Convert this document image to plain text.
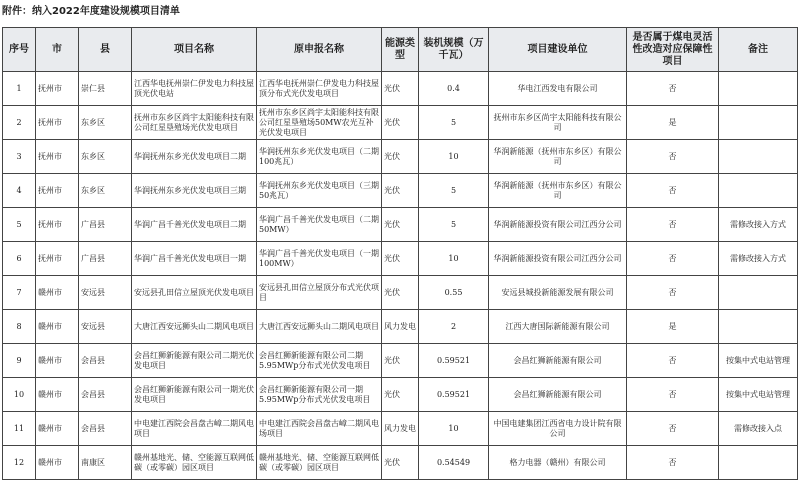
附件：纳入2022年度建设规模项目清单
序号	市	县	项目名称	原申报名称	能源类型	装机规模（万千瓦）	项目建设单位	是否属于煤电灵活性改造对应保障性项目	备注
1	抚州市	崇仁县	江西华电抚州崇仁伊发电力科技屋顶光伏电站	江西华电抚州崇仁伊发电力科技屋顶分布式光伏发电项目	光伏	0.4	华电江西发电有限公司	否	
2	抚州市	东乡区	抚州市东乡区尚宇太阳能科技有限公司红星垦殖场光伏发电项目	抚州市东乡区尚宇太阳能科技有限公司红星垦殖场50MW农光互补光伏发电项目	光伏	5	抚州市东乡区尚宇太阳能科技有限公司	是	
3	抚州市	东乡区	华润抚州东乡光伏发电项目二期	华润抚州东乡光伏发电项目（二期100兆瓦）	光伏	10	华润新能源（抚州市东乡区）有限公司	否	
4	抚州市	东乡区	华润抚州东乡光伏发电项目三期	华润抚州东乡光伏发电项目（三期50兆瓦）	光伏	5	华润新能源（抚州市东乡区）有限公司	否	
5	抚州市	广昌县	华润广昌千善光伏发电项目二期	华润广昌千善光伏发电项目（二期 50MW）	光伏	5	华润新能源投资有限公司江西分公司	否	需修改接入方式
6	抚州市	广昌县	华润广昌千善光伏发电项目一期	华润广昌千善光伏发电项目（一期 100MW）	光伏	10	华润新能源投资有限公司江西分公司	否	需修改接入方式
7	赣州市	安远县	安远县孔田信立屋顶光伏发电项目	安远县孔田信立屋顶分布式光伏项目	光伏	0.55	安远县城投新能源发展有限公司	否	
8	赣州市	安远县	大唐江西安远狮头山二期风电项目	大唐江西安远狮头山二期风电项目	风力发电	2	江西大唐国际新能源有限公司	是	
9	赣州市	会昌县	会昌红狮新能源有限公司二期光伏发电项目	会昌红狮新能源有限公司二期5.95MWp分布式光伏发电项目	光伏	0.59521	会昌红狮新能源有限公司	否	按集中式电站管理
10	赣州市	会昌县	会昌红狮新能源有限公司一期光伏发电项目	会昌红狮新能源有限公司一期5.95MWp分布式光伏发电项目	光伏	0.59521	会昌红狮新能源有限公司	否	按集中式电站管理
11	赣州市	会昌县	中电建江西院会昌盘古嶂二期风电项目	中电建江西院会昌盘古嶂二期风电场项目	风力发电	10	中国电建集团江西省电力设计院有限公司	否	需修改接入点
12	赣州市	南康区	赣州基地光、储、空能源互联网低碳（或零碳）园区项目	赣州基地光、储、空能源互联网低碳（或零碳）园区项目	光伏	0.54549	格力电器（赣州）有限公司	否	
